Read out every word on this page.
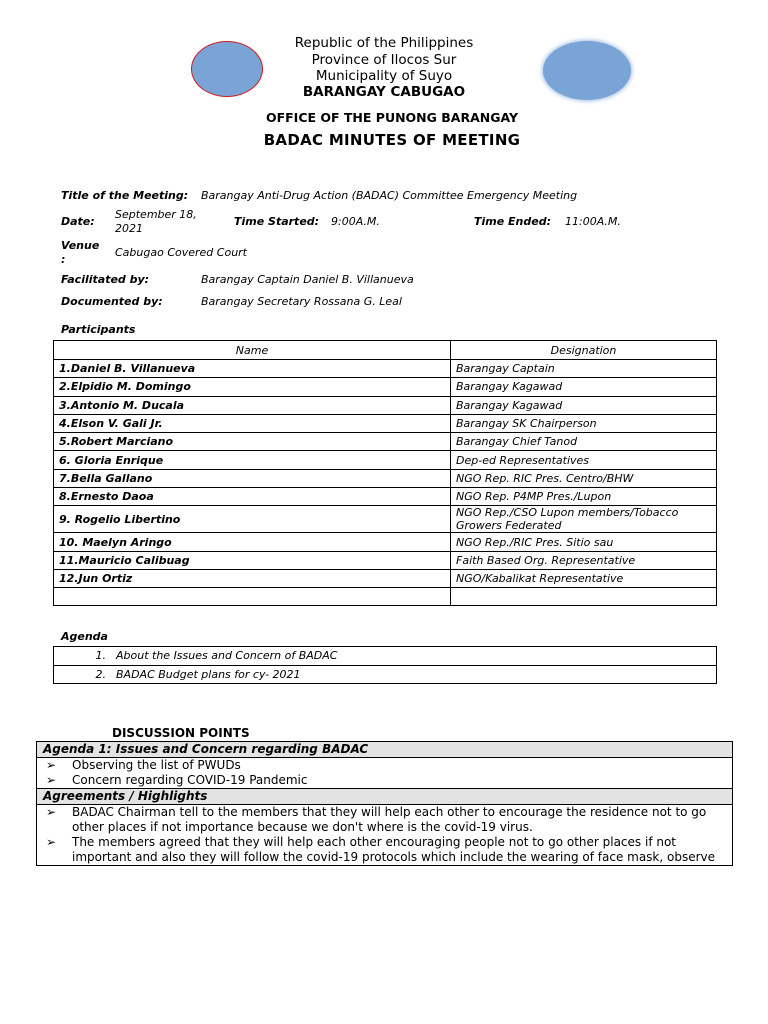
Republic of the Philippines
Province of Ilocos Sur
Municipality of Suyo
BARANGAY CABUGAO
OFFICE OF THE PUNONG BARANGAY
BADAC MINUTES OF MEETING
Title of the Meeting: Barangay Anti-Drug Action (BADAC) Committee Emergency Meeting
Date:
September 18,
2021
Time Started: 9:00A.M.	Time Ended: 11:00A.M.
Venue
:
Cabugao Covered Court
Facilitated by:	Barangay Captain Daniel B. Villanueva
Documented by:	Barangay Secretary Rossana G. Leal
Participants
Name	Designation
1.Daniel B. Villanueva	Barangay Captain
2.Elpidio M. Domingo	Barangay Kagawad
3.Antonio M. Ducala	Barangay Kagawad
4.Elson V. Gali Jr.	Barangay SK Chairperson
5.Robert Marciano	Barangay Chief Tanod
6. Gloria Enrique	Dep-ed Representatives
7.Bella Gallano	NGO Rep. RIC Pres. Centro/BHW
8.Ernesto Daoa	NGO Rep. P4MP Pres./Lupon
9. Rogelio Libertino	NGO Rep./CSO Lupon members/Tobacco Growers Federated
10. Maelyn Aringo	NGO Rep./RIC Pres. Sitio sau
11.Mauricio Calibuag	Faith Based Org. Representative
12.Jun Ortiz	NGO/Kabalikat Representative

Agenda
1. About the Issues and Concern of BADAC
2. BADAC Budget plans for cy- 2021
DISCUSSION POINTS
Agenda 1: Issues and Concern regarding BADAC

➢	Observing the list of PWUDs
➢	Concern regarding COVID-19 Pandemic

Agreements / Highlights

➢	BADAC Chairman tell to the members that they will help each other to encourage the residence not to go other places if not importance because we don't where is the covid-19 virus.
➢	The members agreed that they will help each other encouraging people not to go other places if not important and also they will follow the covid-19 protocols which include the wearing of face mask, observe
